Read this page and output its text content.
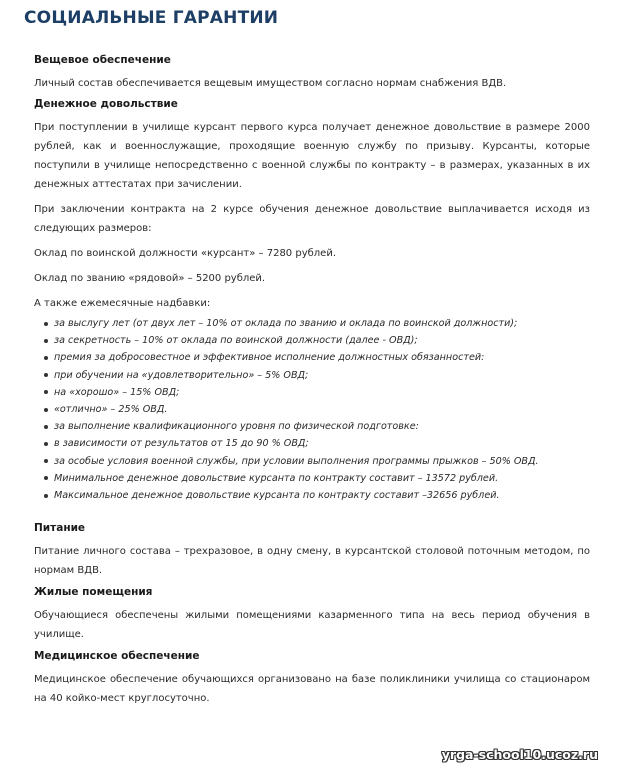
СОЦИАЛЬНЫЕ ГАРАНТИИ
Вещевое обеспечение

Личный состав обеспечивается вещевым имуществом согласно нормам снабжения ВДВ.

Денежное довольствие

При поступлении в училище курсант первого курса получает денежное довольствие в размере 2000 рублей, как и военнослужащие, проходящие военную службу по призыву. Курсанты, которые поступили в училище непосредственно с военной службы по контракту – в размерах, указанных в их денежных аттестатах при зачислении.

При заключении контракта на 2 курсе обучения денежное довольствие выплачивается исходя из следующих размеров:

Оклад по воинской должности «курсант» – 7280 рублей.

Оклад по званию «рядовой» – 5200 рублей.

А также ежемесячные надбавки:

за выслугу лет (от двух лет – 10% от оклада по званию и оклада по воинской должности);
за секретность – 10% от оклада по воинской должности (далее - ОВД);
премия за добросовестное и эффективное исполнение должностных обязанностей:
при обучении на «удовлетворительно» – 5% ОВД;
на «хорошо» – 15% ОВД;
«отлично» – 25% ОВД.
за выполнение квалификационного уровня по физической подготовке:
в зависимости от результатов от 15 до 90 % ОВД;
за особые условия военной службы, при условии выполнения программы прыжков – 50% ОВД.
Минимальное денежное довольствие курсанта по контракту составит – 13572 рублей.
Максимальное денежное довольствие курсанта по контракту составит –32656 рублей.
Питание

Питание личного состава – трехразовое, в одну смену, в курсантской столовой поточным методом, по нормам ВДВ.

Жилые помещения

Обучающиеся обеспечены жилыми помещениями казарменного типа на весь период обучения в училище.

Медицинское обеспечение

Медицинское обеспечение обучающихся организовано на базе поликлиники училища со стационаром на 40 койко-мест круглосуточно.

yrga-school10.ucoz.ru
